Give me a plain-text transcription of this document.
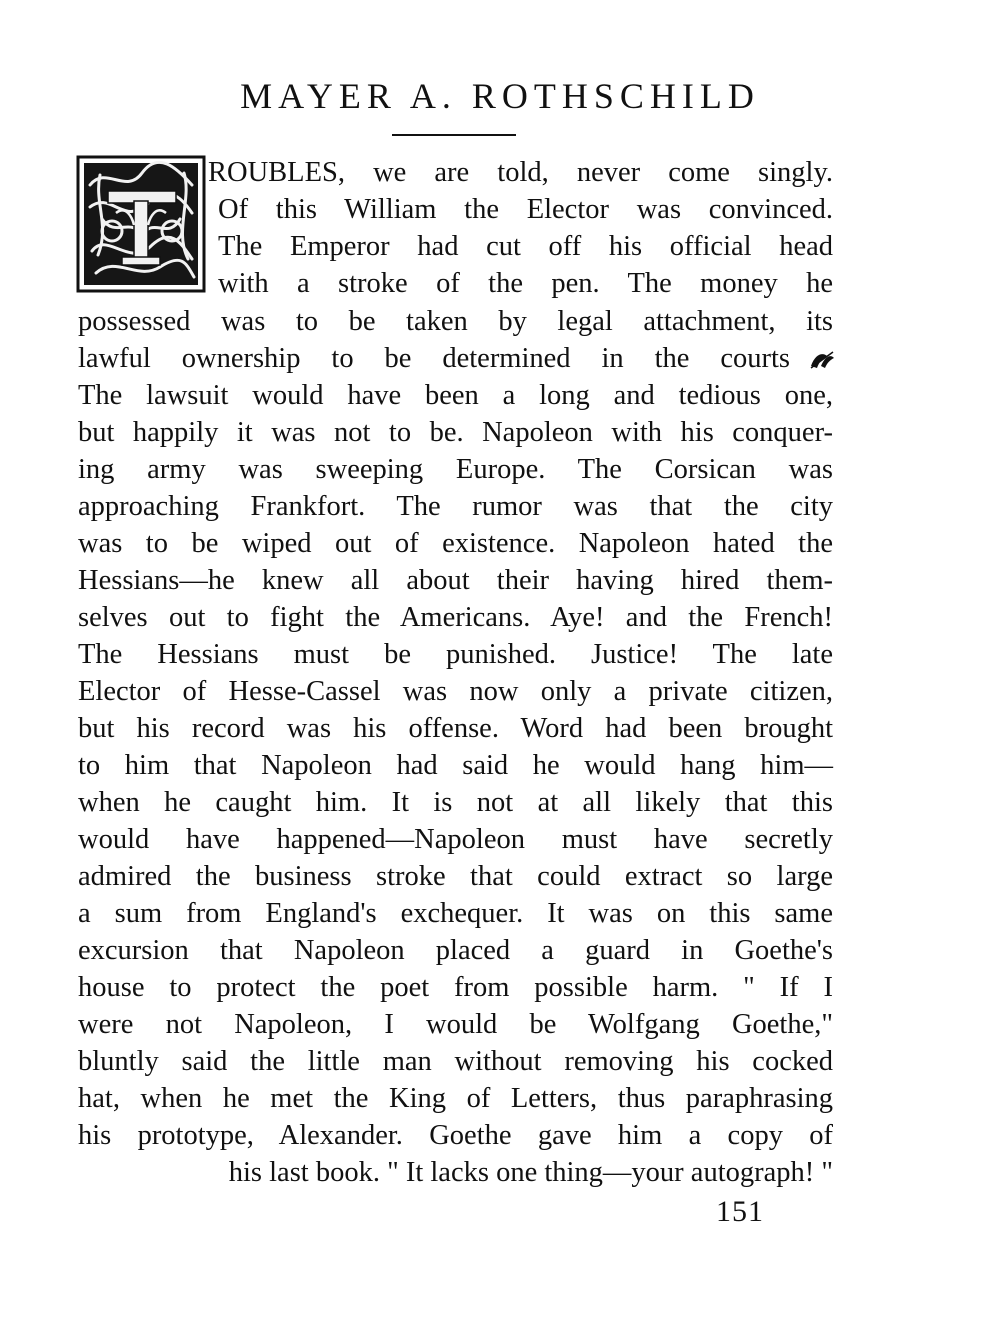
MAYER A. ROTHSCHILD
ROUBLES, we are told, never come singly.
Of this William the Elector was convinced.
The Emperor had cut off his official head
with a stroke of the pen. The money he
possessed was to be taken by legal attachment, its
lawful ownership to be determined in the courts
The lawsuit would have been a long and tedious one,
but happily it was not to be. Napoleon with his conquer-
ing army was sweeping Europe. The Corsican was
approaching Frankfort. The rumor was that the city
was to be wiped out of existence. Napoleon hated the
Hessians—he knew all about their having hired them-
selves out to fight the Americans. Aye! and the French!
The Hessians must be punished. Justice! The late
Elector of Hesse-Cassel was now only a private citizen,
but his record was his offense. Word had been brought
to him that Napoleon had said he would hang him—
when he caught him. It is not at all likely that this
would have happened—Napoleon must have secretly
admired the business stroke that could extract so large
a sum from England's exchequer. It was on this same
excursion that Napoleon placed a guard in Goethe's
house to protect the poet from possible harm. " If I
were not Napoleon, I would be Wolfgang Goethe,"
bluntly said the little man without removing his cocked
hat, when he met the King of Letters, thus paraphrasing
his prototype, Alexander. Goethe gave him a copy of
his last book. " It lacks one thing—your autograph! "
151
